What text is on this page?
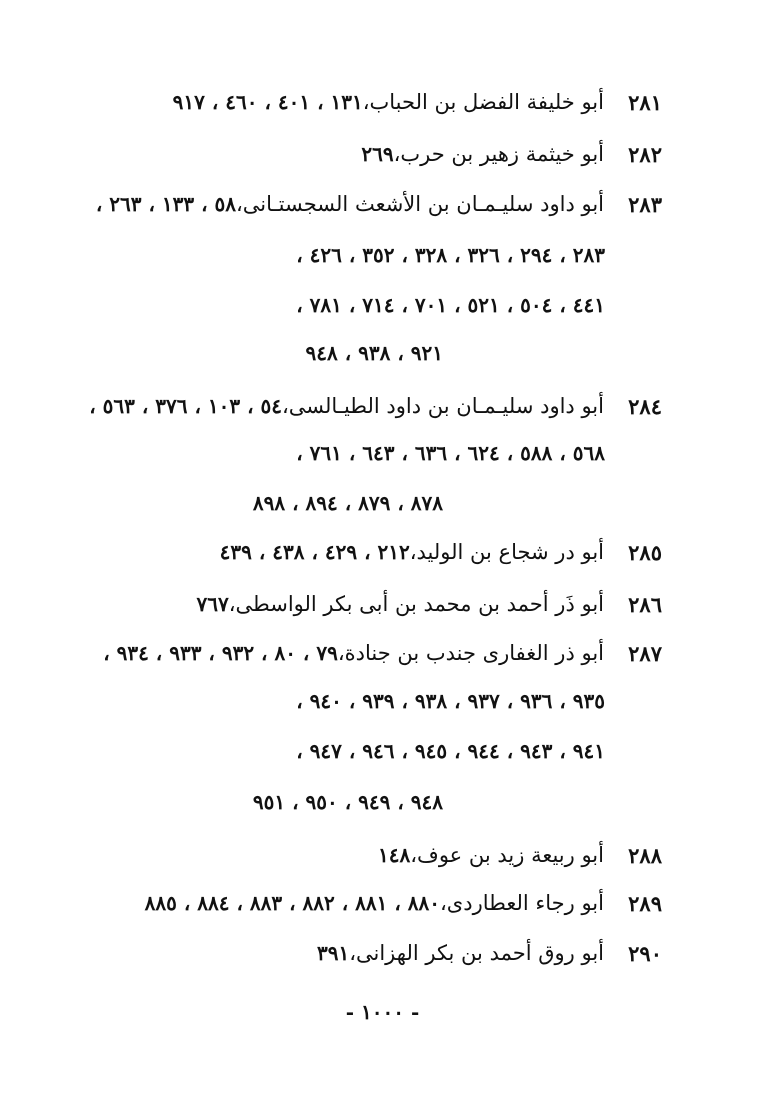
٢٨١
أبو خليفة الفضل بن الحباب،
١٣١ ، ٤٠١ ، ٤٦٠ ، ٩١٧
٢٨٢
أبو خيثمة زهير بن حرب،
٢٦٩
٢٨٣
أبو داود سليـمـان بن الأشعث السجستـانى،
٥٨ ، ١٣٣ ، ٢٦٣ ،
٢٨٣ ، ٢٩٤ ، ٣٢٦ ، ٣٢٨ ، ٣٥٢ ، ٤٢٦ ،
٤٤١ ، ٥٠٤ ، ٥٢١ ، ٧٠١ ، ٧١٤ ، ٧٨١ ،
٩٢١ ، ٩٣٨ ، ٩٤٨
٢٨٤
أبو داود سليـمـان بن داود الطيـالسى،
٥٤ ، ١٠٣ ، ٣٧٦ ، ٥٦٣ ،
٥٦٨ ، ٥٨٨ ، ٦٢٤ ، ٦٣٦ ، ٦٤٣ ، ٧٦١ ،
٨٧٨ ، ٨٧٩ ، ٨٩٤ ، ٨٩٨
٢٨٥
أبو در شجاع بن الوليد،
٢١٢ ، ٤٢٩ ، ٤٣٨ ، ٤٣٩
٢٨٦
أبو ذَر أحمد بن محمد بن أبى بكر الواسطى،
٧٦٧
٢٨٧
أبو ذر الغفارى جندب بن جنادة،
٧٩ ، ٨٠ ، ٩٣٢ ، ٩٣٣ ، ٩٣٤ ،
٩٣٥ ، ٩٣٦ ، ٩٣٧ ، ٩٣٨ ، ٩٣٩ ، ٩٤٠ ،
٩٤١ ، ٩٤٣ ، ٩٤٤ ، ٩٤٥ ، ٩٤٦ ، ٩٤٧ ،
٩٤٨ ، ٩٤٩ ، ٩٥٠ ، ٩٥١
٢٨٨
أبو ربيعة زيد بن عوف،
١٤٨
٢٨٩
أبو رجاء العطاردى،
٨٨٠ ، ٨٨١ ، ٨٨٢ ، ٨٨٣ ، ٨٨٤ ، ٨٨٥
٢٩٠
أبو روق أحمد بن بكر الهزانى،
٣٩١
- ١٠٠٠ -
